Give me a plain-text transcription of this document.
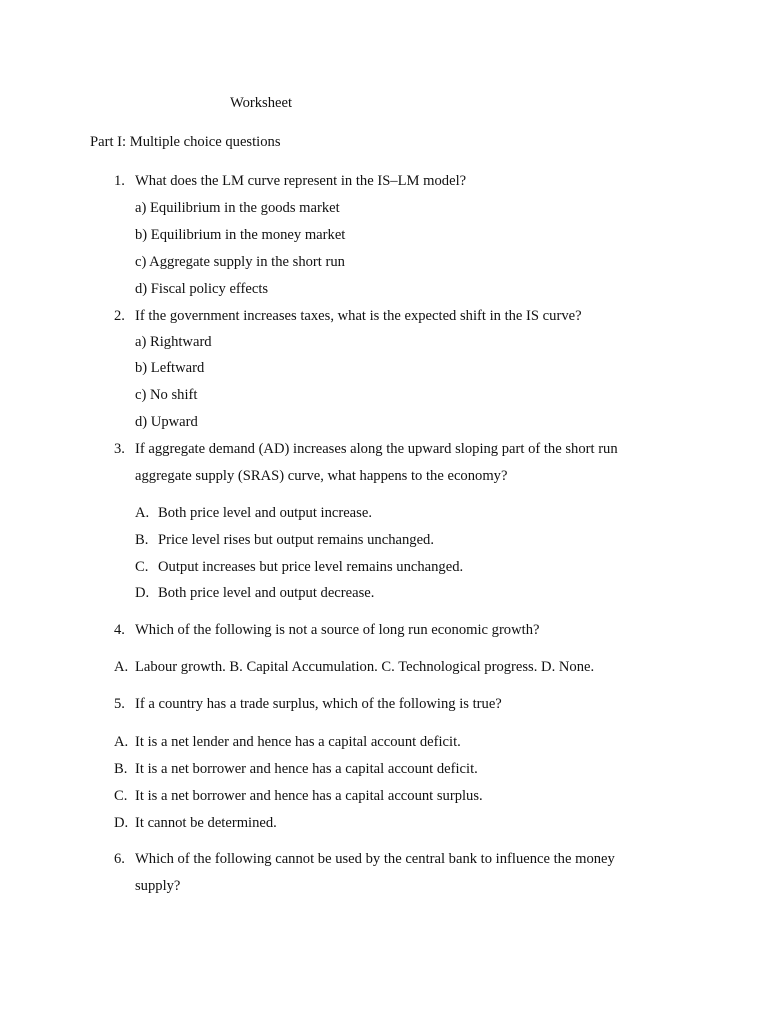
Worksheet
Part I: Multiple choice questions
1. What does the LM curve represent in the IS–LM model?
a) Equilibrium in the goods market
b) Equilibrium in the money market
c) Aggregate supply in the short run
d) Fiscal policy effects
2. If the government increases taxes, what is the expected shift in the IS curve?
a) Rightward
b) Leftward
c) No shift
d) Upward
3. If aggregate demand (AD) increases along the upward sloping part of the short run
aggregate supply (SRAS) curve, what happens to the economy?
A. Both price level and output increase.
B. Price level rises but output remains unchanged.
C. Output increases but price level remains unchanged.
D. Both price level and output decrease.
4. Which of the following is not a source of long run economic growth?
A. Labour growth. B. Capital Accumulation. C. Technological progress. D. None.
5. If a country has a trade surplus, which of the following is true?
A. It is a net lender and hence has a capital account deficit.
B. It is a net borrower and hence has a capital account deficit.
C. It is a net borrower and hence has a capital account surplus.
D. It cannot be determined.
6. Which of the following cannot be used by the central bank to influence the money
supply?
